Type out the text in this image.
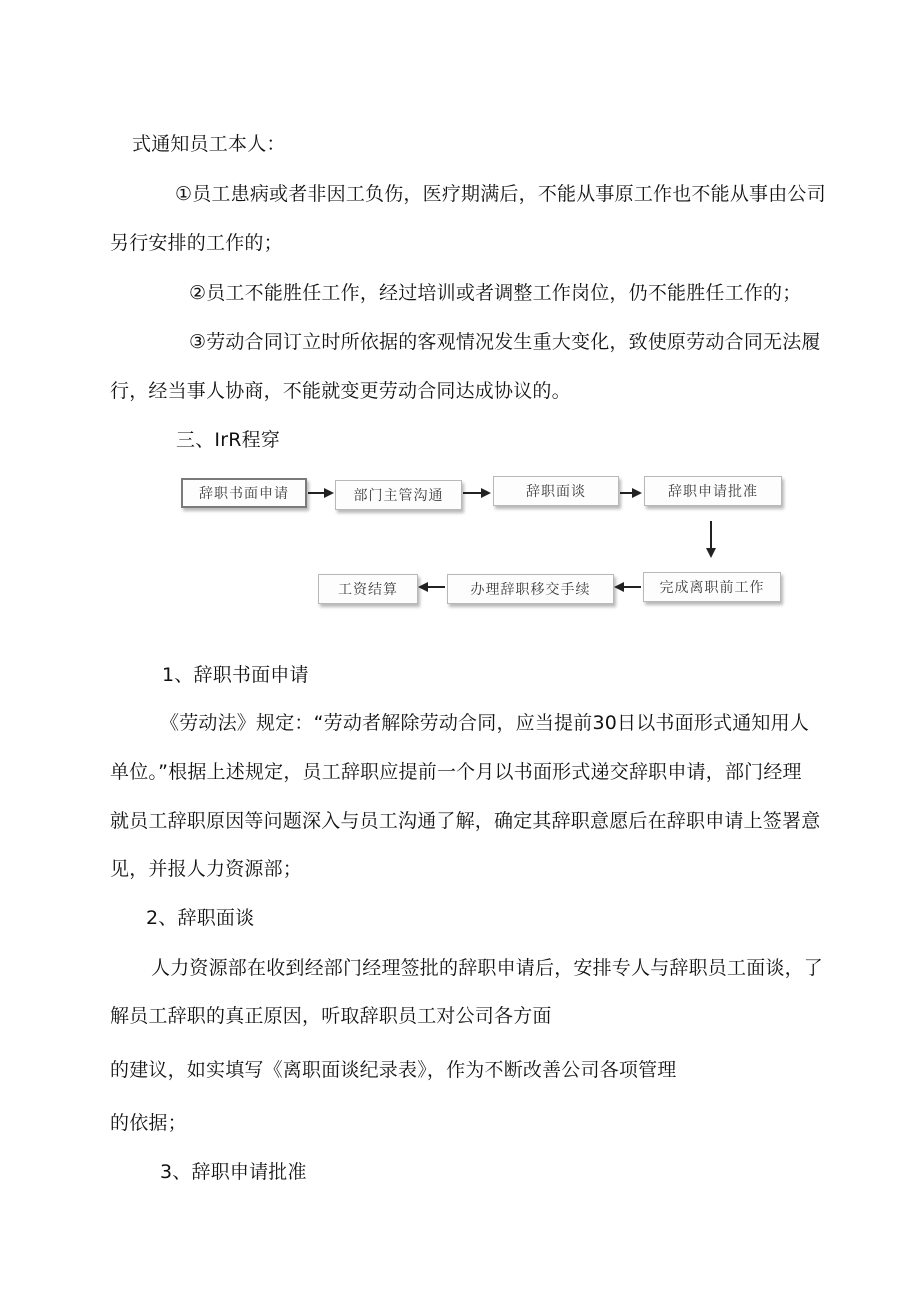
式通知员工本人：
①员工患病或者非因工负伤，医疗期满后，不能从事原工作也不能从事由公司
另行安排的工作的；
②员工不能胜任工作，经过培训或者调整工作岗位，仍不能胜任工作的；
③劳动合同订立时所依据的客观情况发生重大变化，致使原劳动合同无法履
行，经当事人协商，不能就变更劳动合同达成协议的。
三、IrR程穿
辞职书面申请	部门主管沟通	辞职面谈	辞职申请批准
完成离职前工作
办理辞职移交手续
工资结算
1、辞职书面申请
《劳动法》规定：“劳动者解除劳动合同，应当提前30日以书面形式通知用人
单位。”根据上述规定，员工辞职应提前一个月以书面形式递交辞职申请，部门经理
就员工辞职原因等问题深入与员工沟通了解，确定其辞职意愿后在辞职申请上签署意
见，并报人力资源部；
2、辞职面谈
人力资源部在收到经部门经理签批的辞职申请后，安排专人与辞职员工面谈，了
解员工辞职的真正原因，听取辞职员工对公司各方面
的建议，如实填写《离职面谈纪录表》，作为不断改善公司各项管理
的依据；
3、辞职申请批准
